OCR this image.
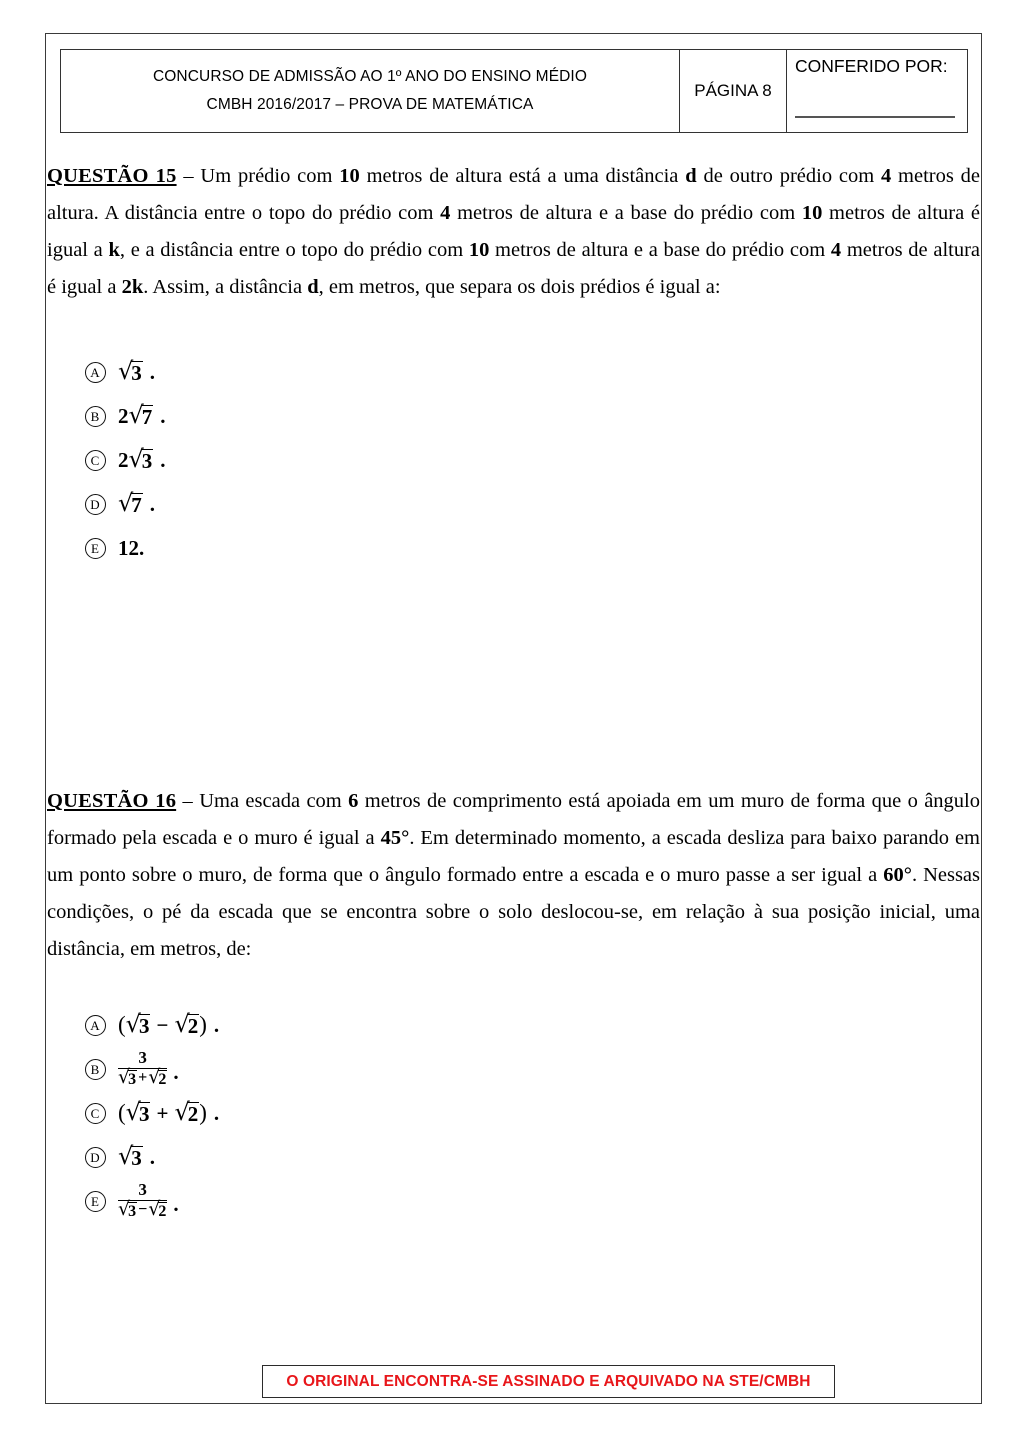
CONCURSO DE ADMISSÃO AO 1º ANO DO ENSINO MÉDIO
CMBH 2016/2017 – PROVA DE MATEMÁTICA
PÁGINA 8
CONFERIDO POR:
QUESTÃO 15 – Um prédio com 10 metros de altura está a uma distância d de outro prédio com 4 metros de altura. A distância entre o topo do prédio com 4 metros de altura e a base do prédio com 10 metros de altura é igual a k, e a distância entre o topo do prédio com 10 metros de altura e a base do prédio com 4 metros de altura é igual a 2k. Assim, a distância d, em metros, que separa os dois prédios é igual a:
A √
3 .
B 2 √
7 .
C 2 √
3 .
D √
7 .
E 12.
QUESTÃO 16 – Uma escada com 6 metros de comprimento está apoiada em um muro de forma que o ângulo formado pela escada e o muro é igual a 45°. Em determinado momento, a escada desliza para baixo parando em um ponto sobre o muro, de forma que o ângulo formado entre a escada e o muro passe a ser igual a 60°. Nessas condições, o pé da escada que se encontra sobre o solo deslocou-se, em relação à sua posição inicial, uma distância, em metros, de:
A ( √
3 − √
2 ) .
B	3
√
3 + √
2 .
C ( √
3 + √
2 ) .
D √
3 .
E	3
√
3 − √
2 .
O ORIGINAL ENCONTRA-SE ASSINADO E ARQUIVADO NA STE/CMBH
